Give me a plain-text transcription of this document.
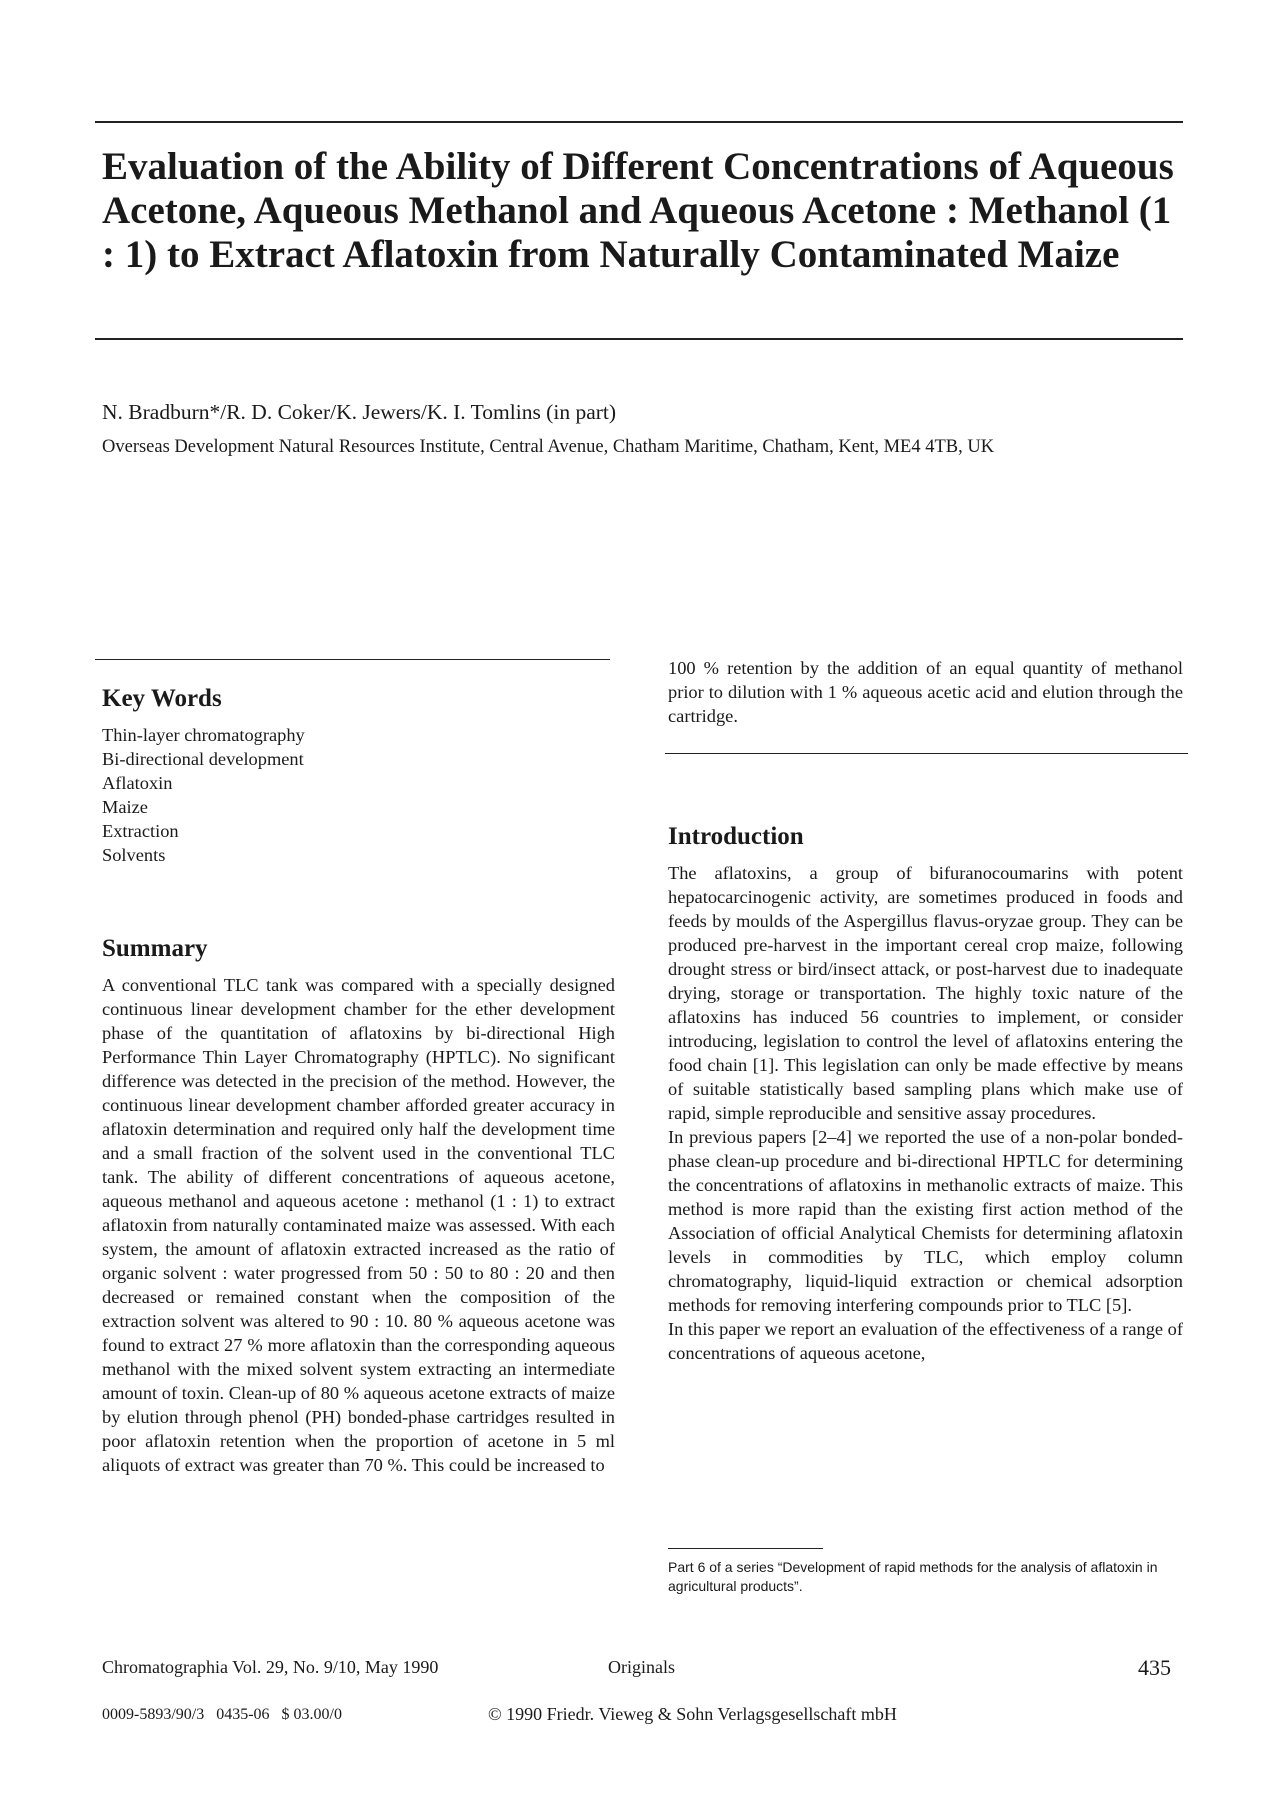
Evaluation of the Ability of Different Concentrations of Aqueous Acetone, Aqueous Methanol and Aqueous Acetone : Methanol (1 : 1) to Extract Aflatoxin from Naturally Contaminated Maize

N. Bradburn*/R. D. Coker/K. Jewers/K. I. Tomlins (in part)

Overseas Development Natural Resources Institute, Central Avenue, Chatham Maritime, Chatham, Kent, ME4 4TB, UK

Key Words
Thin-layer chromatography
Bi-directional development
Aflatoxin
Maize
Extraction
Solvents
Summary

A conventional TLC tank was compared with a specially designed continuous linear development chamber for the ether development phase of the quantitation of aflatoxins by bi-directional High Performance Thin Layer Chromatography (HPTLC). No significant difference was detected in the precision of the method. However, the continuous linear development chamber afforded greater accuracy in aflatoxin determination and required only half the development time and a small fraction of the solvent used in the conventional TLC tank. The ability of different concentrations of aqueous acetone, aqueous methanol and aqueous acetone : methanol (1 : 1) to extract aflatoxin from naturally contaminated maize was assessed. With each system, the amount of aflatoxin extracted increased as the ratio of organic solvent : water progressed from 50 : 50 to 80 : 20 and then decreased or remained constant when the composition of the extraction solvent was altered to 90 : 10. 80 % aqueous acetone was found to extract 27 % more aflatoxin than the corresponding aqueous methanol with the mixed solvent system extracting an intermediate amount of toxin. Clean-up of 80 % aqueous acetone extracts of maize by elution through phenol (PH) bonded-phase cartridges resulted in poor aflatoxin retention when the proportion of acetone in 5 ml aliquots of extract was greater than 70 %. This could be increased to

100 % retention by the addition of an equal quantity of methanol prior to dilution with 1 % aqueous acetic acid and elution through the cartridge.

Introduction

The aflatoxins, a group of bifuranocoumarins with potent hepatocarcinogenic activity, are sometimes produced in foods and feeds by moulds of the Aspergillus flavus-oryzae group. They can be produced pre-harvest in the important cereal crop maize, following drought stress or bird/insect attack, or post-harvest due to inadequate drying, storage or transportation. The highly toxic nature of the aflatoxins has induced 56 countries to implement, or consider introducing, legislation to control the level of aflatoxins entering the food chain [1]. This legislation can only be made effective by means of suitable statistically based sampling plans which make use of rapid, simple reproducible and sensitive assay procedures.

In previous papers [2–4] we reported the use of a non-polar bonded-phase clean-up procedure and bi-directional HPTLC for determining the concentrations of aflatoxins in methanolic extracts of maize. This method is more rapid than the existing first action method of the Association of official Analytical Chemists for determining aflatoxin levels in commodities by TLC, which employ column chromatography, liquid-liquid extraction or chemical adsorption methods for removing interfering compounds prior to TLC [5].

In this paper we report an evaluation of the effectiveness of a range of concentrations of aqueous acetone,

Part 6 of a series “Development of rapid methods for the analysis of aflatoxin in agricultural products”.

Chromatographia Vol. 29, No. 9/10, May 1990	Originals	435

0009-5893/90/3   0435-06   $ 03.00/0	© 1990 Friedr. Vieweg & Sohn Verlagsgesellschaft mbH
